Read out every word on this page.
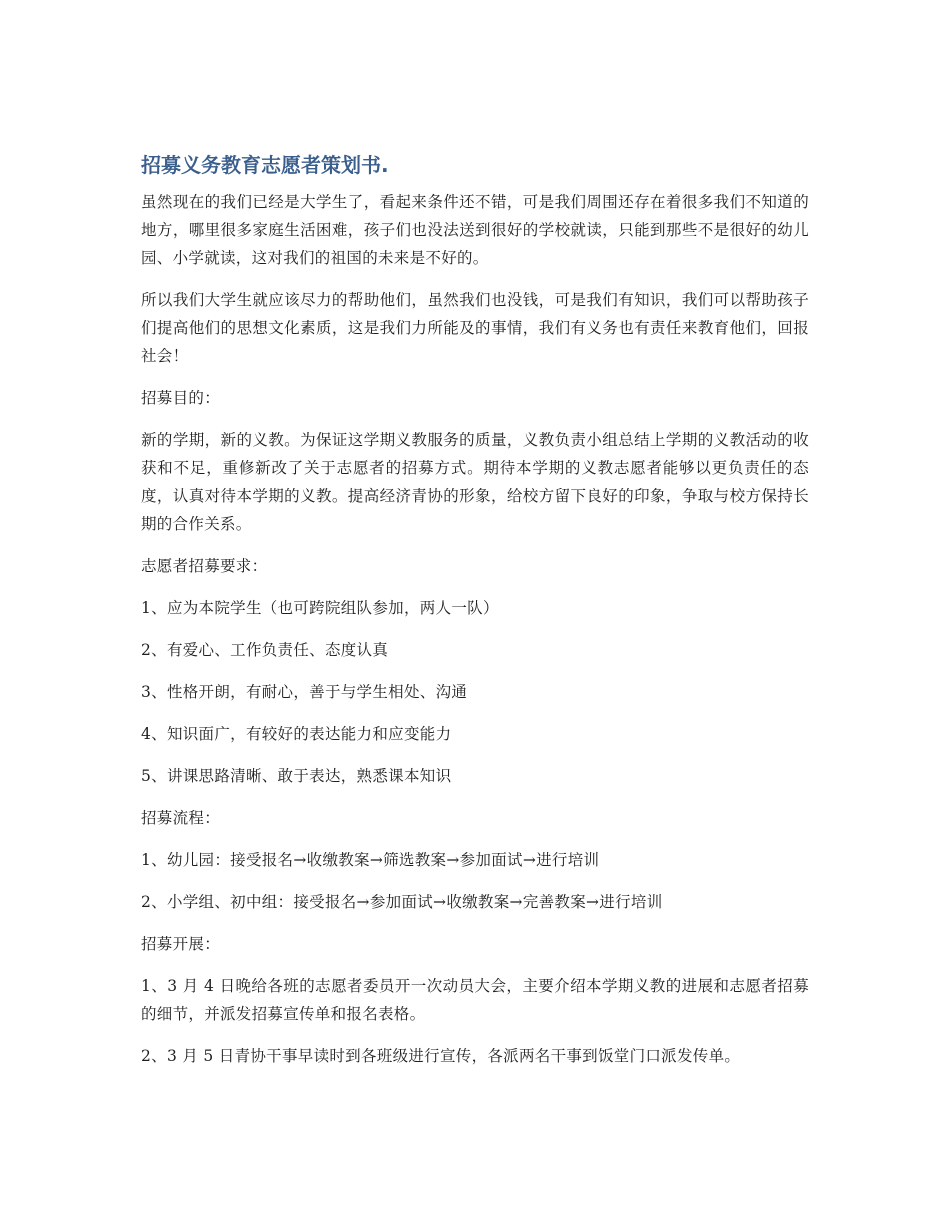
招募义务教育志愿者策划书.

虽然现在的我们已经是大学生了，看起来条件还不错，可是我们周围还存在着很多我们不知道的地方，哪里很多家庭生活困难，孩子们也没法送到很好的学校就读，只能到那些不是很好的幼儿园、小学就读，这对我们的祖国的未来是不好的。

所以我们大学生就应该尽力的帮助他们，虽然我们也没钱，可是我们有知识，我们可以帮助孩子们提高他们的思想文化素质，这是我们力所能及的事情，我们有义务也有责任来教育他们，回报社会！

招募目的：

新的学期，新的义教。为保证这学期义教服务的质量，义教负责小组总结上学期的义教活动的收获和不足，重修新改了关于志愿者的招募方式。期待本学期的义教志愿者能够以更负责任的态度，认真对待本学期的义教。提高经济青协的形象，给校方留下良好的印象，争取与校方保持长期的合作关系。

志愿者招募要求：

1、应为本院学生（也可跨院组队参加，两人一队）

2、有爱心、工作负责任、态度认真

3、性格开朗，有耐心，善于与学生相处、沟通

4、知识面广，有较好的表达能力和应变能力

5、讲课思路清晰、敢于表达，熟悉课本知识

招募流程：

1、幼儿园：接受报名→收缴教案→筛选教案→参加面试→进行培训

2、小学组、初中组：接受报名→参加面试→收缴教案→完善教案→进行培训

招募开展：

1、3 月 4 日晚给各班的志愿者委员开一次动员大会，主要介绍本学期义教的进展和志愿者招募的细节，并派发招募宣传单和报名表格。

2、3 月 5 日青协干事早读时到各班级进行宣传，各派两名干事到饭堂门口派发传单。
